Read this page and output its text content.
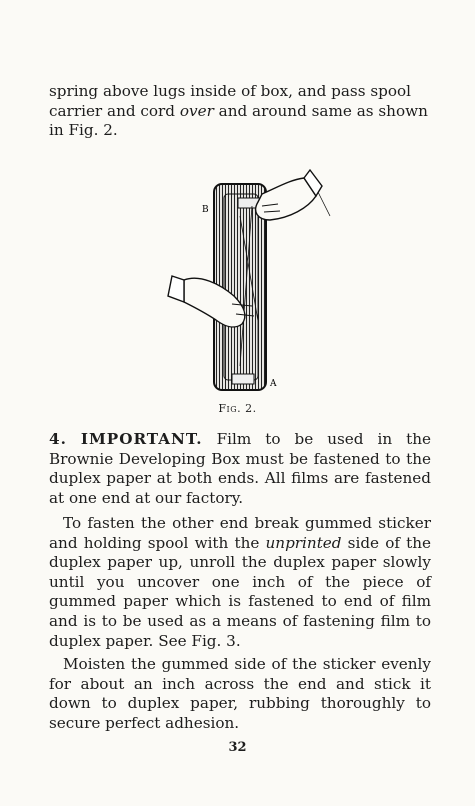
spring above lugs inside of box, and pass spool carrier and cord over and around same as shown in Fig. 2.

B
A
Fig. 2.

4. IMPORTANT. Film to be used in the Brownie Developing Box must be fastened to the duplex paper at both ends. All films are fastened at one end at our factory.

To fasten the other end break gummed sticker and holding spool with the unprinted side of the duplex paper up, unroll the duplex paper slowly until you uncover one inch of the piece of gummed paper which is fastened to end of film and is to be used as a means of fastening film to duplex paper. See Fig. 3.

Moisten the gummed side of the sticker evenly for about an inch across the end and stick it down to duplex paper, rubbing thoroughly to secure perfect adhesion.

32
